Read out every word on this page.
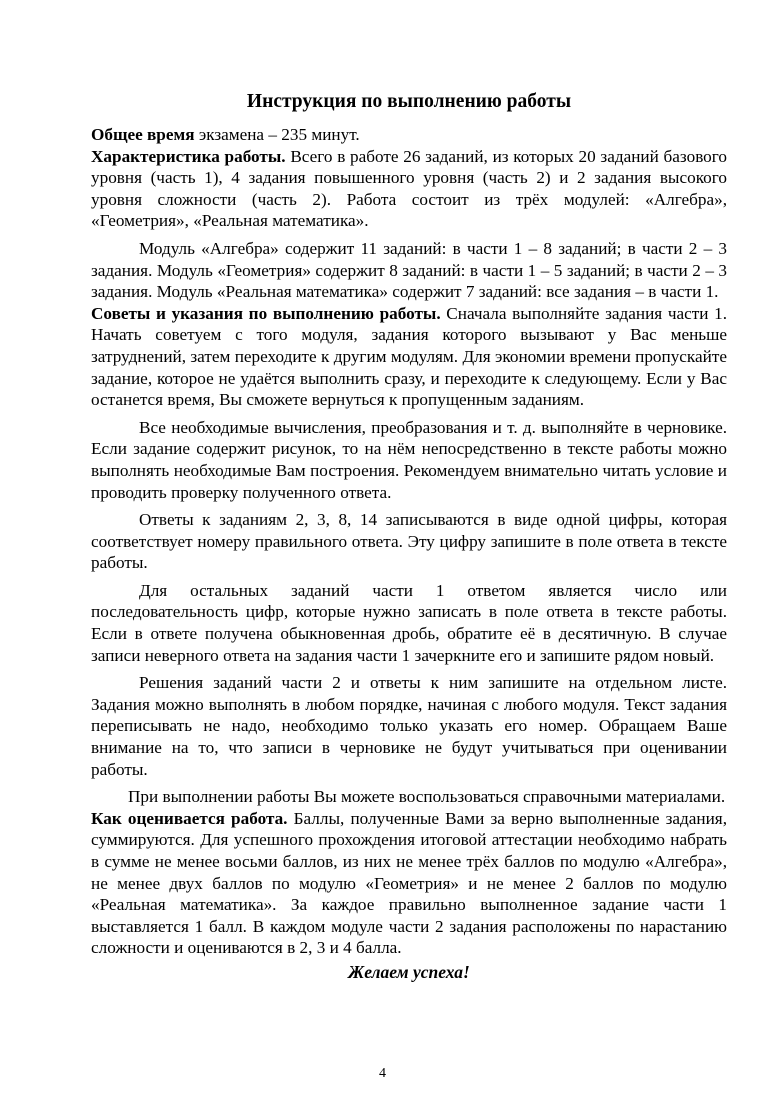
Инструкция по выполнению работы

Общее время экзамена – 235 минут.

Характеристика работы. Всего в работе 26 заданий, из которых 20 заданий базового уровня (часть 1), 4 задания повышенного уровня (часть 2) и 2 задания высокого уровня сложности (часть 2). Работа состоит из трёх модулей: «Алгебра», «Геометрия», «Реальная математика».

Модуль «Алгебра» содержит 11 заданий: в части 1 – 8 заданий; в части 2 – 3 задания. Модуль «Геометрия» содержит 8 заданий: в части 1 – 5 заданий; в части 2 – 3 задания. Модуль «Реальная математика» содержит 7 заданий: все задания – в части 1.

Советы и указания по выполнению работы. Сначала выполняйте задания части 1. Начать советуем с того модуля, задания которого вызывают у Вас меньше затруднений, затем переходите к другим модулям. Для экономии времени пропускайте задание, которое не удаётся выполнить сразу, и переходите к следующему. Если у Вас останется время, Вы сможете вернуться к пропущенным заданиям.

Все необходимые вычисления, преобразования и т. д. выполняйте в черновике. Если задание содержит рисунок, то на нём непосредственно в тексте работы можно выполнять необходимые Вам построения. Рекомендуем внимательно читать условие и проводить проверку полученного ответа.

Ответы к заданиям 2, 3, 8, 14 записываются в виде одной цифры, которая соответствует номеру правильного ответа. Эту цифру запишите в поле ответа в тексте работы.

Для остальных заданий части 1 ответом является число или последовательность цифр, которые нужно записать в поле ответа в тексте работы. Если в ответе получена обыкновенная дробь, обратите её в десятичную. В случае записи неверного ответа на задания части 1 зачеркните его и запишите рядом новый.

Решения заданий части 2 и ответы к ним запишите на отдельном листе. Задания можно выполнять в любом порядке, начиная с любого модуля. Текст задания переписывать не надо, необходимо только указать его номер. Обращаем Ваше внимание на то, что записи в черновике не будут учитываться при оценивании работы.

При выполнении работы Вы можете воспользоваться справочными материалами.

Как оценивается работа. Баллы, полученные Вами за верно выполненные задания, суммируются. Для успешного прохождения итоговой аттестации необходимо набрать в сумме не менее восьми баллов, из них не менее трёх баллов по модулю «Алгебра», не менее двух баллов по модулю «Геометрия» и не менее 2 баллов по модулю «Реальная математика». За каждое правильно выполненное задание части 1 выставляется 1 балл. В каждом модуле части 2 задания расположены по нарастанию сложности и оцениваются в 2, 3 и 4 балла.

Желаем успеха!
4
